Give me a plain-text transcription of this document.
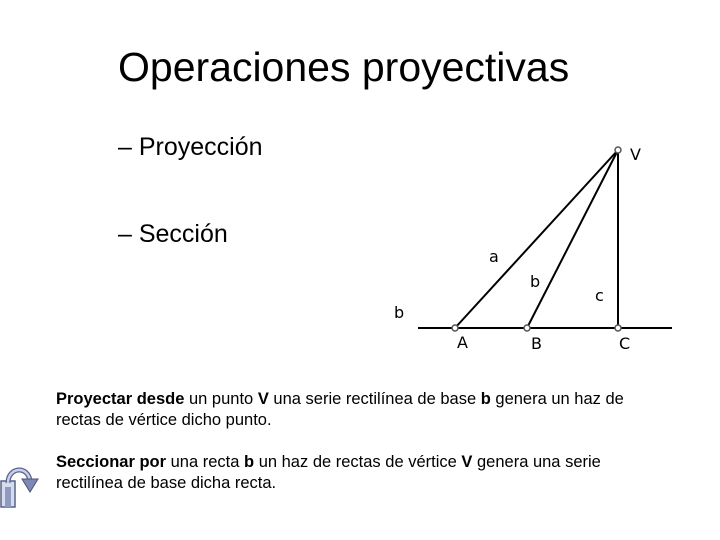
Operaciones proyectivas
– Proyección
– Sección
V
a
b
c
b
A	B	C

Proyectar desde un punto V una serie rectilínea de base b genera un haz de rectas de vértice dicho punto.

Seccionar por una recta b un haz de rectas de vértice V genera una serie rectilínea de base dicha recta.
